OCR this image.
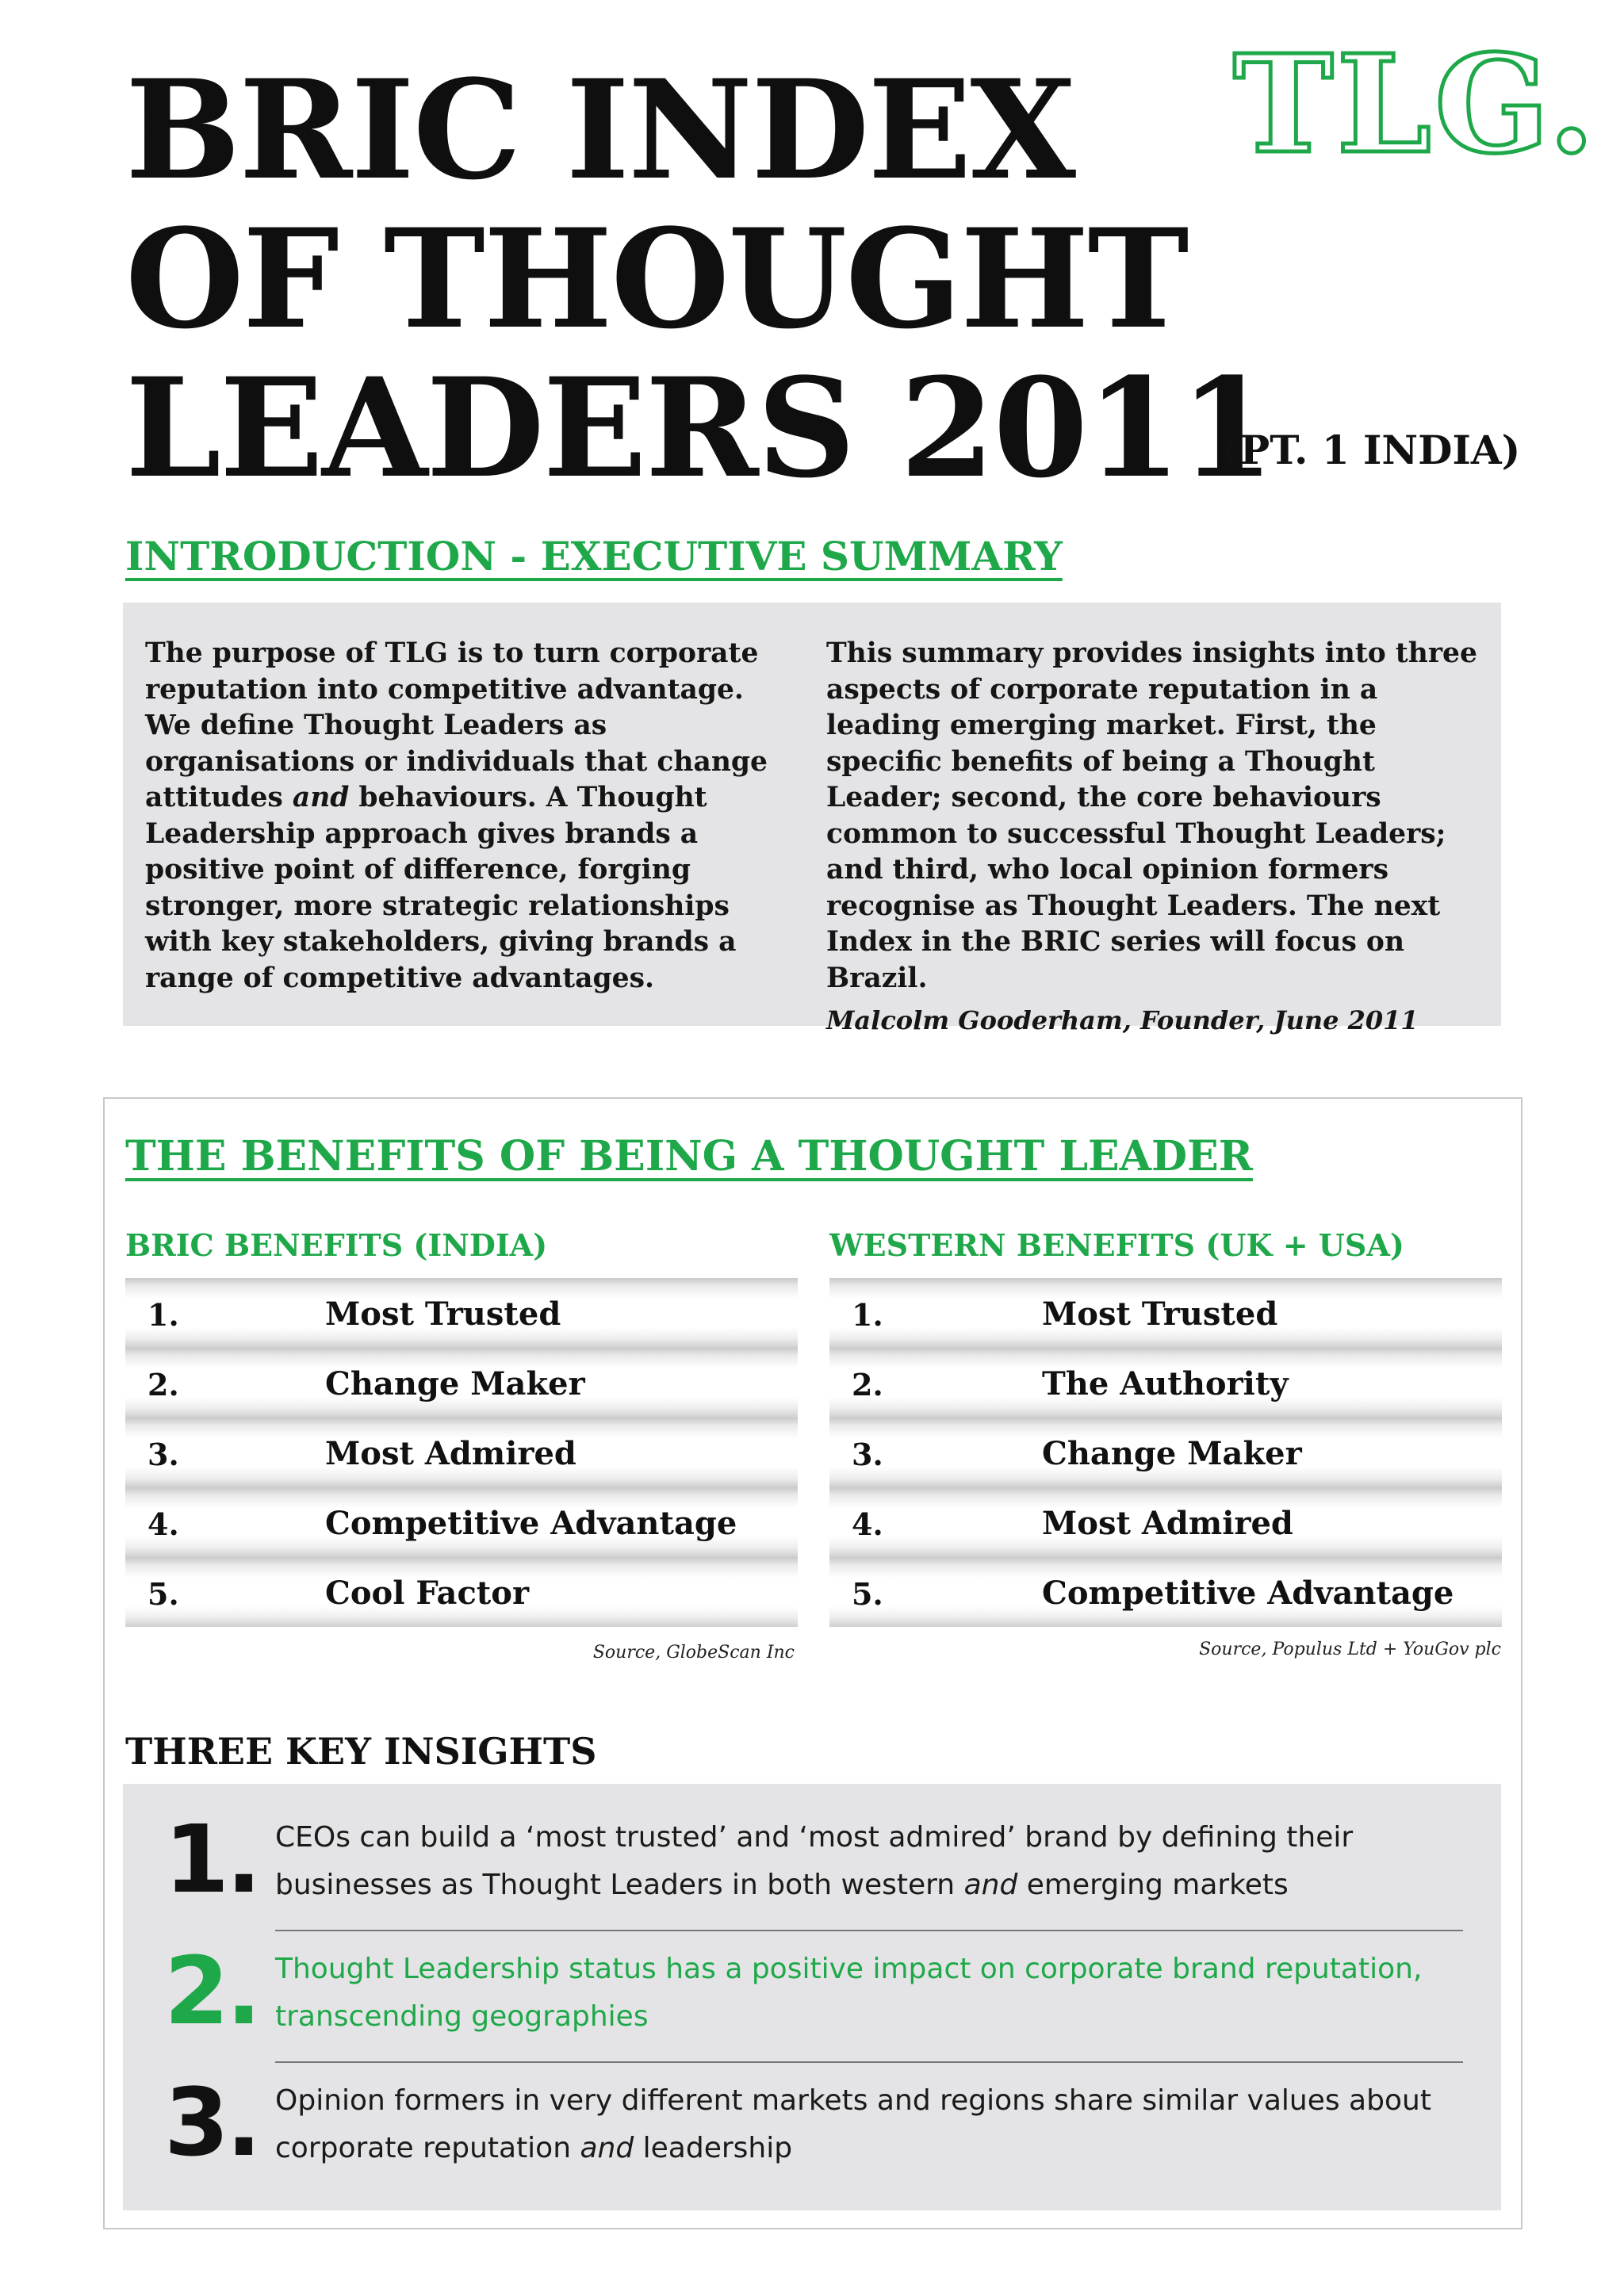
BRIC INDEX
OF THOUGHT
LEADERS 2011
(PT. 1 INDIA)
TLG.
INTRODUCTION - EXECUTIVE SUMMARY

The purpose of TLG is to turn corporate reputation into competitive advantage. We define Thought Leaders as organisations or individuals that change attitudes and behaviours. A Thought Leadership approach gives brands a positive point of difference, forging stronger, more strategic relationships with key stakeholders, giving brands a range of competitive advantages.

This summary provides insights into three aspects of corporate reputation in a leading emerging market. First, the specific benefits of being a Thought Leader; second, the core behaviours common to successful Thought Leaders; and third, who local opinion formers recognise as Thought Leaders. The next Index in the BRIC series will focus on Brazil.

Malcolm Gooderham, Founder, June 2011

THE BENEFITS OF BEING A THOUGHT LEADER
BRIC BENEFITS (INDIA)	WESTERN BENEFITS (UK + USA)
1.	Most Trusted
2.	Change Maker
3.	Most Admired
4.	Competitive Advantage
5.	Cool Factor
1.	Most Trusted
2.	The Authority
3.	Change Maker
4.	Most Admired
5.	Competitive Advantage
Source, GlobeScan Inc	Source, Populus Ltd + YouGov plc
THREE KEY INSIGHTS
1. CEOs can build a ‘most trusted’ and ‘most admired’ brand by defining their businesses as Thought Leaders in both western and emerging markets
2. Thought Leadership status has a positive impact on corporate brand reputation, transcending geographies
3. Opinion formers in very different markets and regions share similar values about corporate reputation and leadership
